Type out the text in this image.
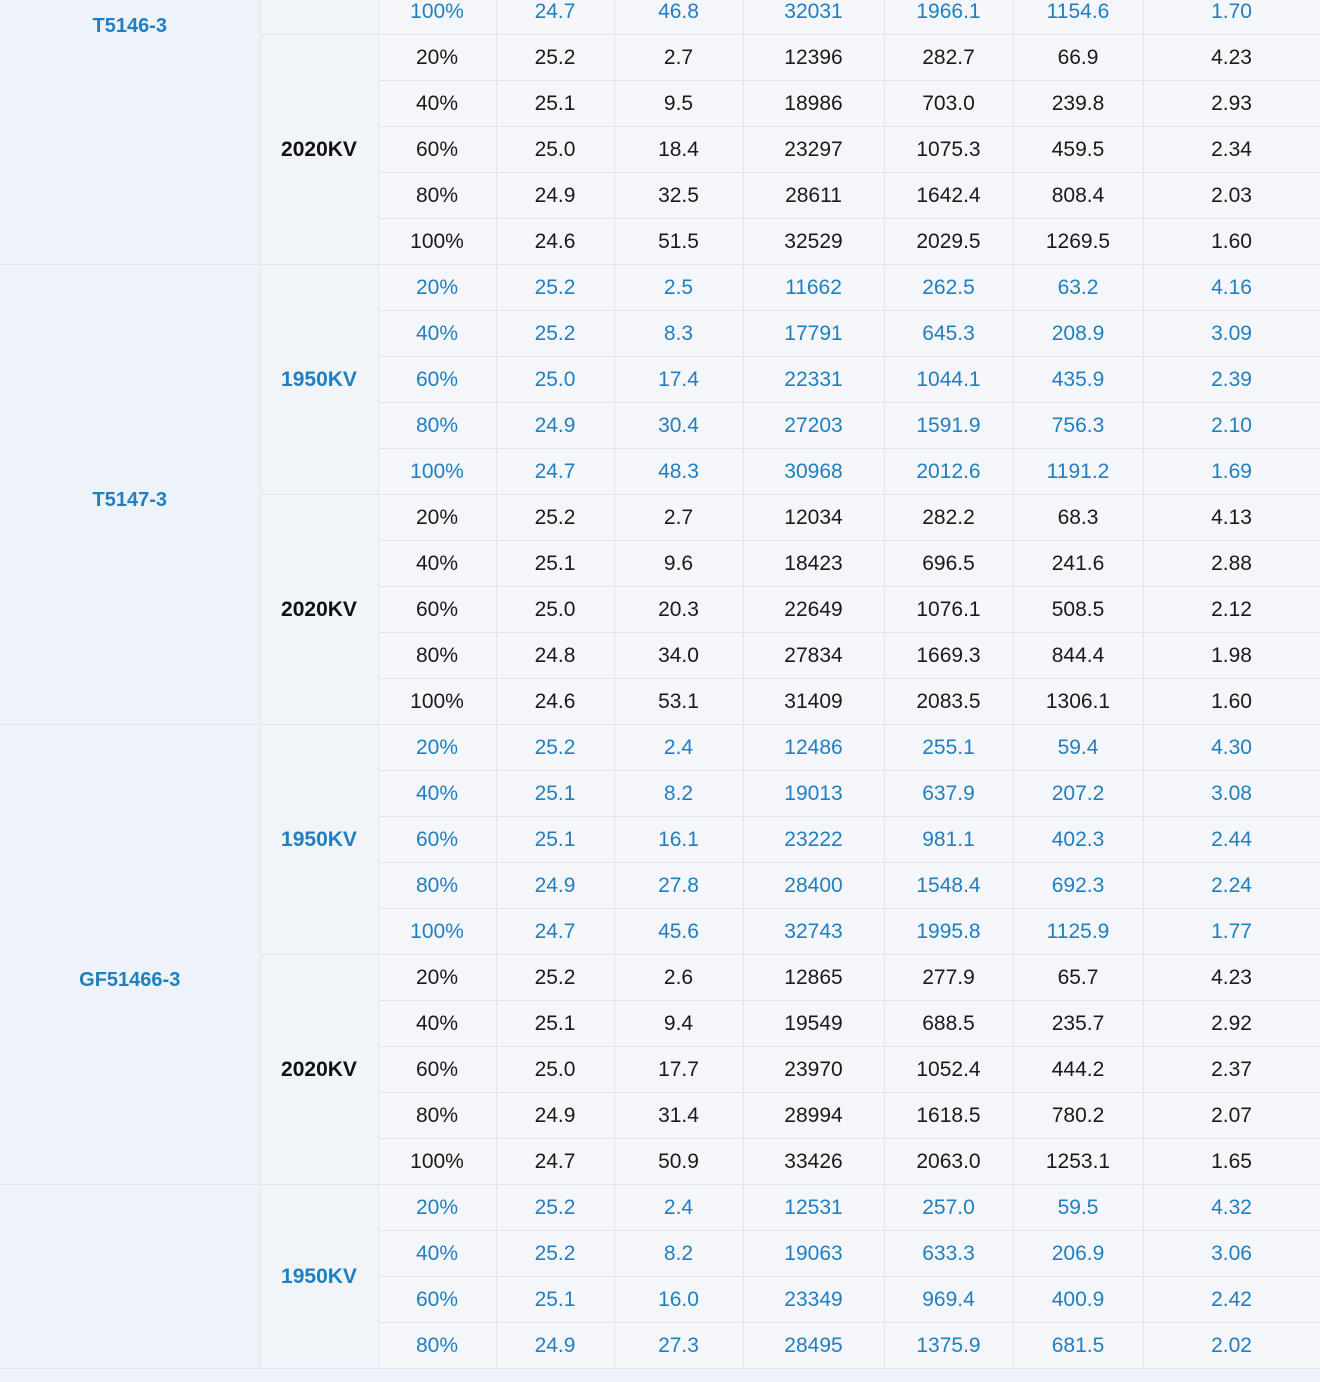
T5146-3		100%	24.7	46.8	32031	1966.1	1154.6	1.70	
	2020KV	20%	25.2	2.7	12396	282.7	66.9	4.23	
		40%	25.1	9.5	18986	703.0	239.8	2.93	
		60%	25.0	18.4	23297	1075.3	459.5	2.34	
		80%	24.9	32.5	28611	1642.4	808.4	2.03	
		100%	24.6	51.5	32529	2029.5	1269.5	1.60	
T5147-3	1950KV	20%	25.2	2.5	11662	262.5	63.2	4.16	
		40%	25.2	8.3	17791	645.3	208.9	3.09	
		60%	25.0	17.4	22331	1044.1	435.9	2.39	
		80%	24.9	30.4	27203	1591.9	756.3	2.10	
		100%	24.7	48.3	30968	2012.6	1191.2	1.69	
	2020KV	20%	25.2	2.7	12034	282.2	68.3	4.13	
		40%	25.1	9.6	18423	696.5	241.6	2.88	
		60%	25.0	20.3	22649	1076.1	508.5	2.12	
		80%	24.8	34.0	27834	1669.3	844.4	1.98	
		100%	24.6	53.1	31409	2083.5	1306.1	1.60	
GF51466-3	1950KV	20%	25.2	2.4	12486	255.1	59.4	4.30	
		40%	25.1	8.2	19013	637.9	207.2	3.08	
		60%	25.1	16.1	23222	981.1	402.3	2.44	
		80%	24.9	27.8	28400	1548.4	692.3	2.24	
		100%	24.7	45.6	32743	1995.8	1125.9	1.77	
	2020KV	20%	25.2	2.6	12865	277.9	65.7	4.23	
		40%	25.1	9.4	19549	688.5	235.7	2.92	
		60%	25.0	17.7	23970	1052.4	444.2	2.37	
		80%	24.9	31.4	28994	1618.5	780.2	2.07	
		100%	24.7	50.9	33426	2063.0	1253.1	1.65	
	1950KV	20%	25.2	2.4	12531	257.0	59.5	4.32	
		40%	25.2	8.2	19063	633.3	206.9	3.06	
		60%	25.1	16.0	23349	969.4	400.9	2.42	
		80%	24.9	27.3	28495	1375.9	681.5	2.02	
